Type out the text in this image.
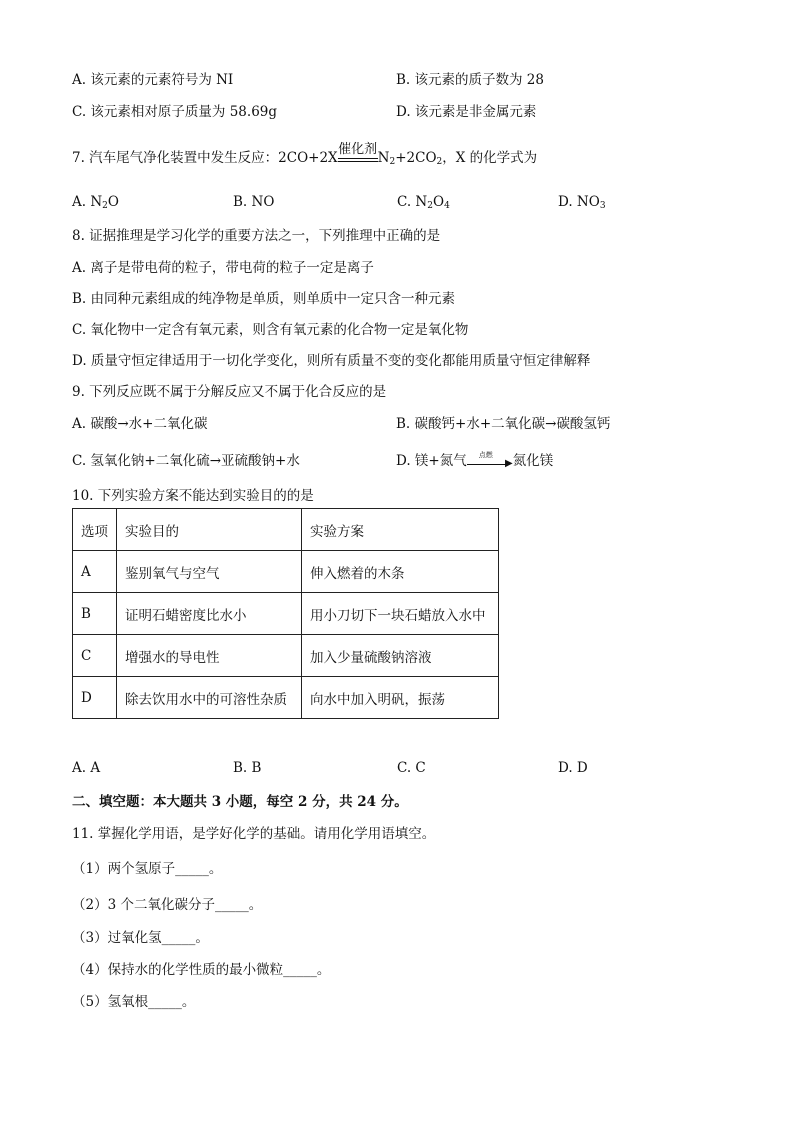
A. 该元素的元素符号为 NI	B. 该元素的质子数为 28
C. 该元素相对原子质量为 58.69g	D. 该元素是非金属元素
7. 汽车尾气净化装置中发生反应：2CO+2X
催化剂
$N_2+2CO_2$，X 的化学式为
A. $N_2O$	B. NO	C. $N_2O_4$	D. $NO_3$
8. 证据推理是学习化学的重要方法之一，下列推理中正确的是
A. 离子是带电荷的粒子，带电荷的粒子一定是离子
B. 由同种元素组成的纯净物是单质，则单质中一定只含一种元素
C. 氧化物中一定含有氧元素，则含有氧元素的化合物一定是氧化物
D. 质量守恒定律适用于一切化学变化，则所有质量不变的变化都能用质量守恒定律解释
9. 下列反应既不属于分解反应又不属于化合反应的是
A. 碳酸→水+二氧化碳	B. 碳酸钙+水+二氧化碳→碳酸氢钙
C. 氢氧化钠+二氧化硫→亚硫酸钠+水	D. 镁+氮气	点燃
▶ 氮化镁
10. 下列实验方案不能达到实验目的的是
选项	实验目的	实验方案
A	鉴别氧气与空气	伸入燃着的木条
B	证明石蜡密度比水小	用小刀切下一块石蜡放入水中
C	增强水的导电性	加入少量硫酸钠溶液
D	除去饮用水中的可溶性杂质	向水中加入明矾，振荡
A. A	B. B	C. C	D. D
二、填空题：本大题共 3 小题，每空 2 分，共 24 分。
11. 掌握化学用语，是学好化学的基础。请用化学用语填空。
（1）两个氢原子_____。
（2）3 个二氧化碳分子_____。
（3）过氧化氢_____。
（4）保持水的化学性质的最小微粒_____。
（5）氢氧根_____。
